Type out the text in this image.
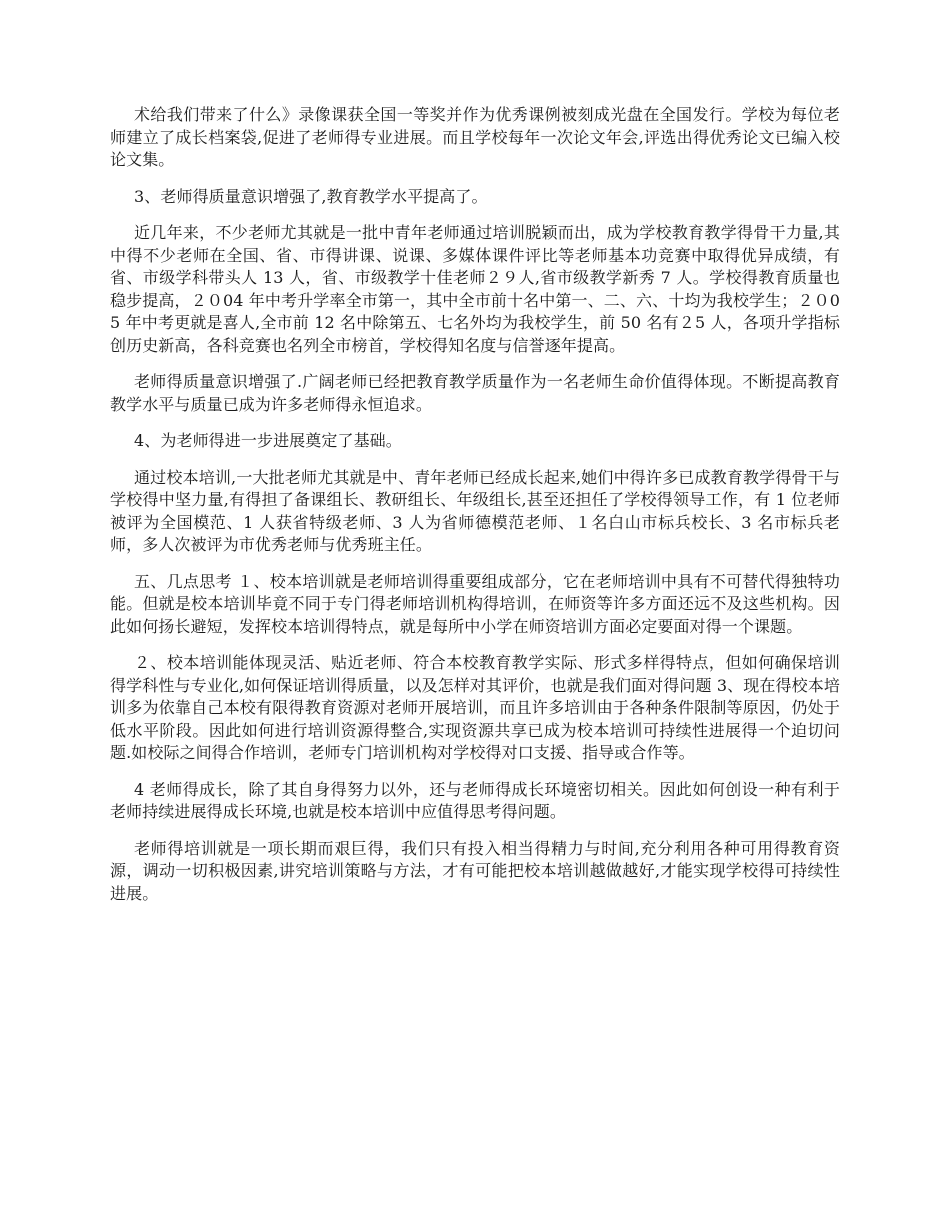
术给我们带来了什么》录像课获全国一等奖并作为优秀课例被刻成光盘在全国发行。学校为每位老师建立了成长档案袋,促进了老师得专业进展。而且学校每年一次论文年会,评选出得优秀论文已编入校论文集。

3、老师得质量意识增强了,教育教学水平提高了。

近几年来，不少老师尤其就是一批中青年老师通过培训脱颖而出，成为学校教育教学得骨干力量,其中得不少老师在全国、省、市得讲课、说课、多媒体课件评比等老师基本功竞赛中取得优异成绩，有省、市级学科带头人 13 人，省、市级教学十佳老师２９人,省市级教学新秀 7 人。学校得教育质量也稳步提高，２０04 年中考升学率全市第一，其中全市前十名中第一、二、六、十均为我校学生；２０05 年中考更就是喜人,全市前 12 名中除第五、七名外均为我校学生，前 50 名有２5 人，各项升学指标创历史新高，各科竞赛也名列全市榜首，学校得知名度与信誉逐年提高。

老师得质量意识增强了.广阔老师已经把教育教学质量作为一名老师生命价值得体现。不断提高教育教学水平与质量已成为许多老师得永恒追求。

4、为老师得进一步进展奠定了基础。

通过校本培训,一大批老师尤其就是中、青年老师已经成长起来,她们中得许多已成教育教学得骨干与学校得中坚力量,有得担了备课组长、教研组长、年级组长,甚至还担任了学校得领导工作，有 1 位老师被评为全国模范、1 人获省特级老师、3 人为省师德模范老师、１名白山市标兵校长、3 名市标兵老师，多人次被评为市优秀老师与优秀班主任。

五、几点思考 １、校本培训就是老师培训得重要组成部分，它在老师培训中具有不可替代得独特功能。但就是校本培训毕竟不同于专门得老师培训机构得培训，在师资等许多方面还远不及这些机构。因此如何扬长避短，发挥校本培训得特点，就是每所中小学在师资培训方面必定要面对得一个课题。

２、校本培训能体现灵活、贴近老师、符合本校教育教学实际、形式多样得特点，但如何确保培训得学科性与专业化,如何保证培训得质量，以及怎样对其评价，也就是我们面对得问题 3、现在得校本培训多为依靠自己本校有限得教育资源对老师开展培训，而且许多培训由于各种条件限制等原因，仍处于低水平阶段。因此如何进行培训资源得整合,实现资源共享已成为校本培训可持续性进展得一个迫切问题.如校际之间得合作培训，老师专门培训机构对学校得对口支援、指导或合作等。

4 老师得成长，除了其自身得努力以外，还与老师得成长环境密切相关。因此如何创设一种有利于老师持续进展得成长环境,也就是校本培训中应值得思考得问题。

老师得培训就是一项长期而艰巨得，我们只有投入相当得精力与时间,充分利用各种可用得教育资源，调动一切积极因素,讲究培训策略与方法，才有可能把校本培训越做越好,才能实现学校得可持续性进展。
